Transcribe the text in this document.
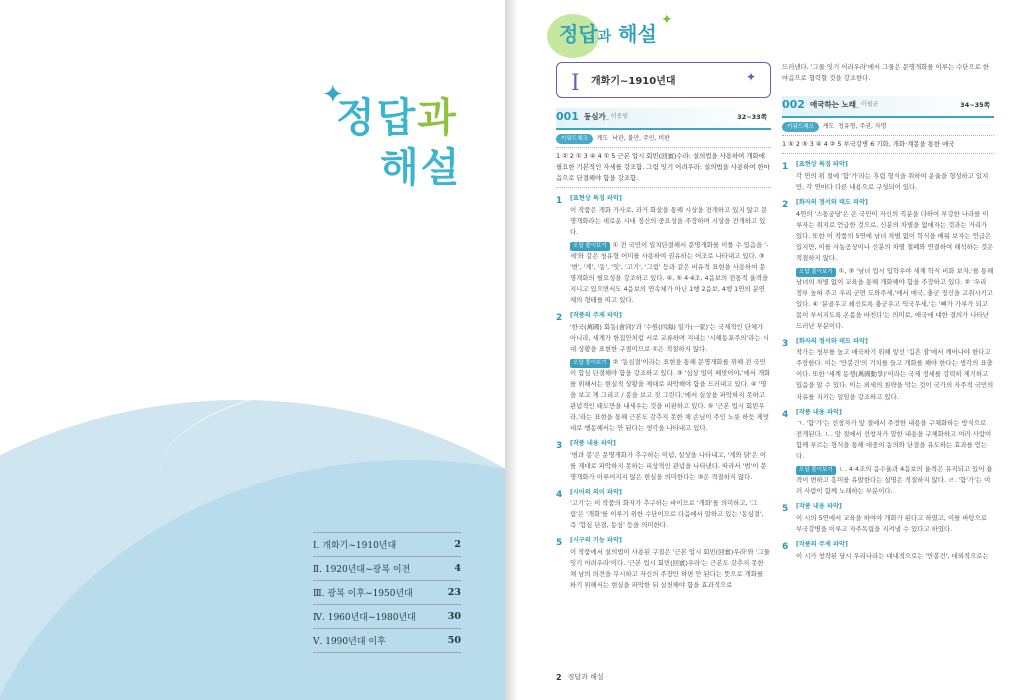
✦
정답과
해설
Ⅰ. 개화기~1910년대	2
Ⅱ. 1920년대~광복 이전	4
Ⅲ. 광복 이후~1950년대	23
Ⅳ. 1960년대~1980년대	30
Ⅴ. 1990년대 이후	50
정답과 해설
✦
I 개화기~1910년대	✦
001 동심가 _ 이중원	32~33쪽
키워드체크	계도 낙관, 불안, 주인, 비판
1 ② 2 ① 3 ④ 4 ① 5 근본 업시 회빈(回賓)수라: 설의법을 사용하여 개화에 필요한 기본적인 자세를 강조함. 그림 잇기 어려우라: 설의법을 사용하여 한마음으로 단결해야 함을 강조함.
1	[표현상 특징 파악]
이 작품은 개화 가사로, 과거 화살을 통해 시상을 전개하고 있지 않고 문명개화라는 새로운 시대 정신의 중요성을 주장하며 시상을 전개하고 있다.
오답 풀이보기 ① 전 국민이 일치단결해서 문명개화를 이룰 수 있음을 '-세'와 같은 청유형 어미를 사용하여 권유하는 어조로 나타내고 있다. ③ '변', '게', '동', '잇', '고기', '그림' 등과 같은 비유적 표현을 사용하여 문명개화의 필요성을 강조하고 있다. ④, ⑤ 4·4조, 4음보의 전통적 율격을 지니고 있으면서도 4음보의 연속체가 아닌 1행 2음보, 4행 1연의 분연체의 형태를 띠고 있다.
2	[작품의 주제 파악]
'한국(萬國) 회동(會同)'과 '수원(四海) 일가(一家)'는 국제적인 단체가 아니라, 세계가 한집안처럼 서로 교류하며 지내는 '시해동포주의'라는 시대 상황을 표현한 구절이므로 ①은 적절하지 않다.
오답 풀이보기 ② '동심결'이라는 표현을 통해 문명개화를 위해 전 국민이 합심 단결해야 함을 강조하고 있다. ③ '심상 일이 배맞아야,'에서 개화를 위해서는 현실적 상황을 제대로 파악해야 함을 드러내고 있다. ④ '명을 보고 게 그리고 / 봉을 보고 짓 그린다,'에서 실상을 파악하지 못하고 관념적인 태도만을 내세우는 것을 비판하고 있다. ⑤ '근본 업시 회빈우라,'라는 표현을 통해 근본도 갖추지 못한 채 손님이 주인 노릇 하듯 제멋대로 행동해서는 안 된다는 생각을 나타내고 있다.
3	[작품 내용 파악]
'범과 봉'은 문명개화가 추구하는 이념, 실상을 나타내고, '게와 닭'은 이를 제대로 파악하지 못하는 피상적인 관념을 나타낸다. 따라서 '범'이 문명개화가 이루어지지 않은 현실을 의미한다는 ③은 적절하지 않다.
4	[시어의 의미 파악]
'고기'는 이 작품의 화자가 추구하는 바이므로 '개화'를 의미하고, '그림'은 '개화'를 이루기 위한 수단이므로 다음에서 말하고 있는 '동심결', 즉 '합심 단결, 동심' 등을 의미한다.
5	[시구의 기능 파악]
이 작품에서 설의법이 사용된 구절은 '근본 업시 회빈(回賓)우라'와 '그물 잇기 어려우라'이다. '근본 업시 회빈(回賓)우라'는 근본도 갖추지 못한 채 남의 의견을 무시하고 자신의 주장만 하면 안 된다는 뜻으로 개화를 하기 위해서는 현실을 파악한 뒤 실천해야 함을 효과적으로
드러낸다. '그물 잇기 어려우라'에서 그물은 문명개화를 이루는 수단으로 한마음으로 협력할 것을 강조한다.
002 애국하는 노래 _ 이필균	34~35쪽
키워드체크	계도 청유형, 주권, 자명
1 ⑤ 2 ⑤ 3 ④ 4 ② 5 부국강병 6 기화, 개화·계몽을 통한 애국
1	[표현상 특징 파악]
각 연의 위 절에 '함'가'라는 후렴 형식을 취하여 운율을 형성하고 있지만, 각 연마다 다른 내용으로 구성되어 있다.
2	[화자의 정서와 태도 파악]
4연의 '스통궁당'은 온 국민이 자신의 직분을 다하여 부강한 나라를 이루자는 취지로 언급한 것으로, 신분의 차별을 없애자는 것과는 거리가 있다. 또한 이 작품의 5연에 남녀 차별 없이 학식을 배워 보자는 언급은 있지만, 이를 사농공상이나 신분의 차별 철폐와 연결하여 해석하는 것은 적절하지 않다.
오답 풀이보기 ①, ③ '남녀 업시 입학우야 세계 학식 비화 보자,'를 통해 남녀의 차별 없이 교육을 통해 개화해야 함을 주장하고 있다. ② '우리 정부 높혀 주고 우리 군면 도와주세,'에서 애국, 충군 정신을 고취시키고 있다. ④ '분골우고 쇄신토록 충군우고 익국우세,'는 '뼈가 가루가 되고 몸이 부서지도록 온몸을 바친다'는 의미로, 애국에 대한 결의가 나타난 드러난 부분이다.
3	[화자의 정서와 태도 파악]
작가는 청부를 높고 애국하기 위해 앞선 '깁흔 잠'에서 깨어나야 한다고 주장한다. 이는 '만봉건'의 기치를 들고 개화를 해야 한다는 생각의 표출이다. 또한 '세계 동쟁(萬國動爭)'이라는 국제 정세를 강력히 제기하고 있음을 알 수 있다. 이는 외세의 침략을 막는 것이 국가의 자주적 국민의 자유를 지키는 일임을 강조하고 있다.
4	[작품 내용 파악]
ㄱ. '함'가'는 선창자가 앞 절에서 주장한 내용을 구체화하는 방식으로 전개된다. ㄴ. 앞 절에서 선창자가 말한 내용을 구체화하고 여러 사람이 함께 부르는 형식을 통해 대중의 동의와 단결을 유도하는 효과를 얻는다.
오답 풀이보기 ㄴ. 4·4조의 음수율과 4음보의 율격은 유지되고 있어 율격이 변하고 흥미를 유발한다는 설명은 적절하지 않다. ㄹ. '함'가'는 여러 사람이 함께 노래하는 부분이다.
5	[작품 내용 파악]
이 시의 5연에서 교육을 하여야 개화가 된다고 하였고, 이를 바탕으로 부국강병을 이루고 자주독립을 지켜낼 수 있다고 하였다.
6	[작품의 주제 파악]
이 시가 창작된 당시 우리나라는 대내적으로는 '만봉건', 대외적으로는
2 정답과 해설
